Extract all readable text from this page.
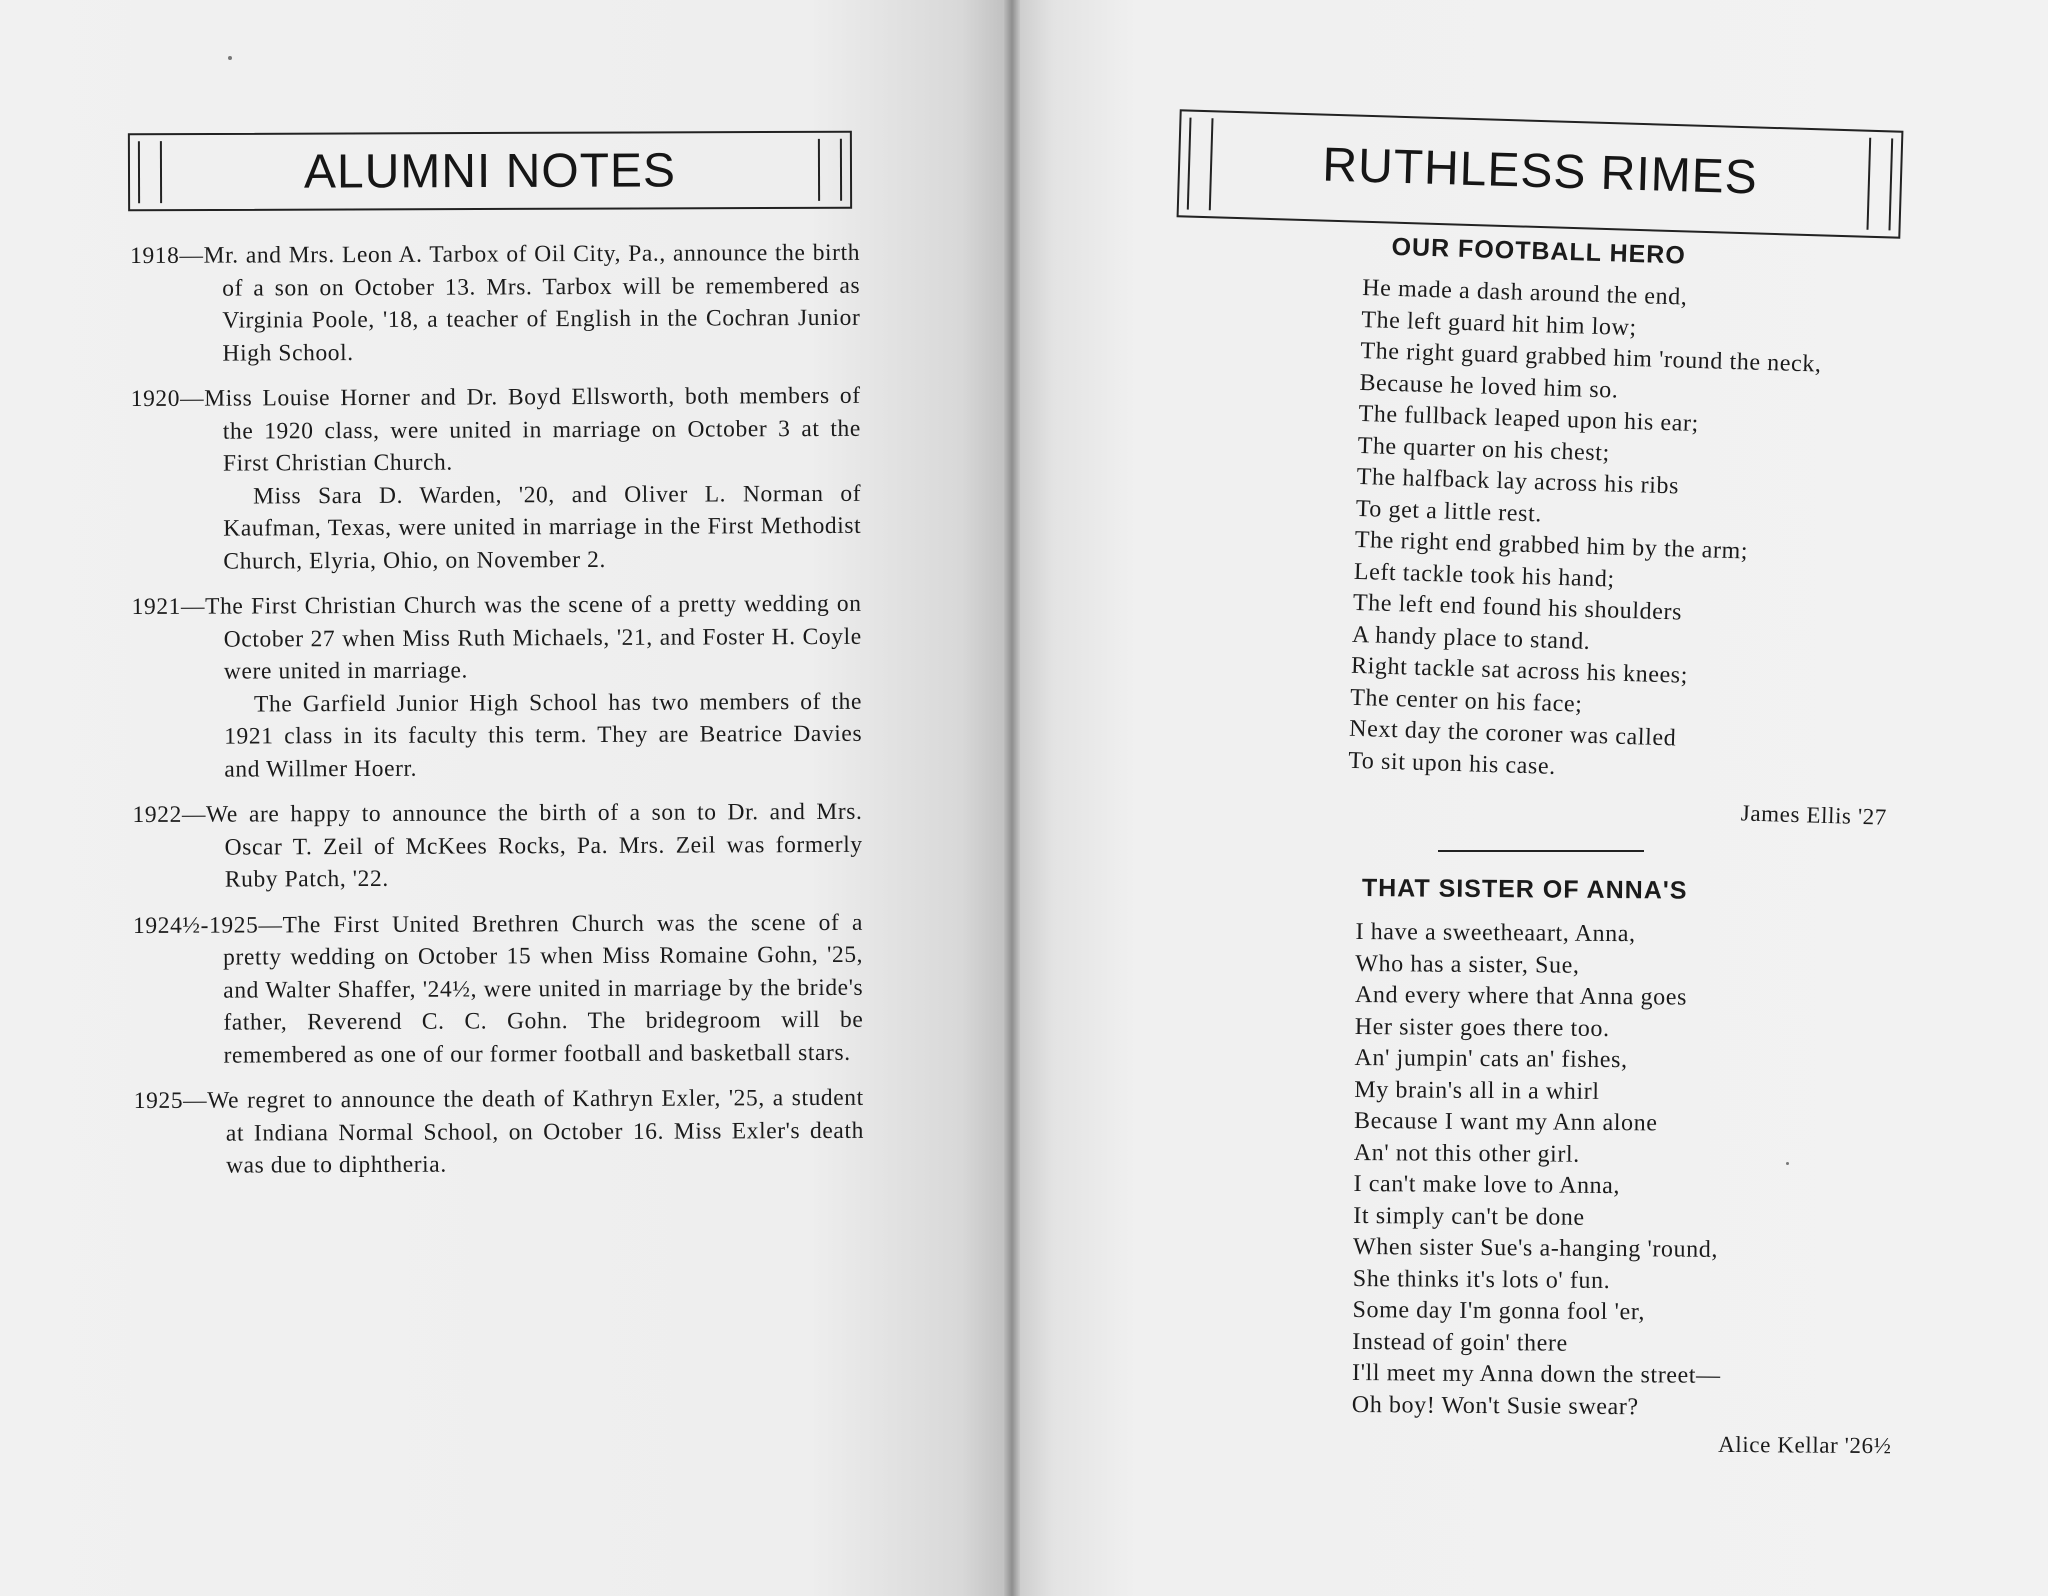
ALUMNI NOTES
1918—Mr. and Mrs. Leon A. Tarbox of Oil City, Pa., announce the birth of a son on October 13. Mrs. Tarbox will be remembered as Virginia Poole, '18, a teacher of English in the Cochran Junior High School.
1920—Miss Louise Horner and Dr. Boyd Ellsworth, both members of the 1920 class, were united in marriage on October 3 at the First Christian Church.
Miss Sara D. Warden, '20, and Oliver L. Norman of Kaufman, Texas, were united in marriage in the First Methodist Church, Elyria, Ohio, on November 2.
1921—The First Christian Church was the scene of a pretty wedding on October 27 when Miss Ruth Michaels, '21, and Foster H. Coyle were united in marriage.
The Garfield Junior High School has two members of the 1921 class in its faculty this term. They are Beatrice Davies and Willmer Hoerr.
1922—We are happy to announce the birth of a son to Dr. and Mrs. Oscar T. Zeil of McKees Rocks, Pa. Mrs. Zeil was formerly Ruby Patch, '22.
1924½-1925—The First United Brethren Church was the scene of a pretty wedding on October 15 when Miss Romaine Gohn, '25, and Walter Shaffer, '24½, were united in marriage by the bride's father, Reverend C. C. Gohn. The bridegroom will be remembered as one of our former football and basketball stars.
1925—We regret to announce the death of Kathryn Exler, '25, a student at Indiana Normal School, on October 16. Miss Exler's death was due to diphtheria.
RUTHLESS RIMES
OUR FOOTBALL HERO
He made a dash around the end,
The left guard hit him low;
The right guard grabbed him 'round the neck,
Because he loved him so.
The fullback leaped upon his ear;
The quarter on his chest;
The halfback lay across his ribs
To get a little rest.
The right end grabbed him by the arm;
Left tackle took his hand;
The left end found his shoulders
A handy place to stand.
Right tackle sat across his knees;
The center on his face;
Next day the coroner was called
To sit upon his case.
James Ellis '27
THAT SISTER OF ANNA'S
I have a sweetheaart, Anna,
Who has a sister, Sue,
And every where that Anna goes
Her sister goes there too.
An' jumpin' cats an' fishes,
My brain's all in a whirl
Because I want my Ann alone
An' not this other girl.
I can't make love to Anna,
It simply can't be done
When sister Sue's a-hanging 'round,
She thinks it's lots o' fun.
Some day I'm gonna fool 'er,
Instead of goin' there
I'll meet my Anna down the street—
Oh boy! Won't Susie swear?
Alice Kellar '26½
